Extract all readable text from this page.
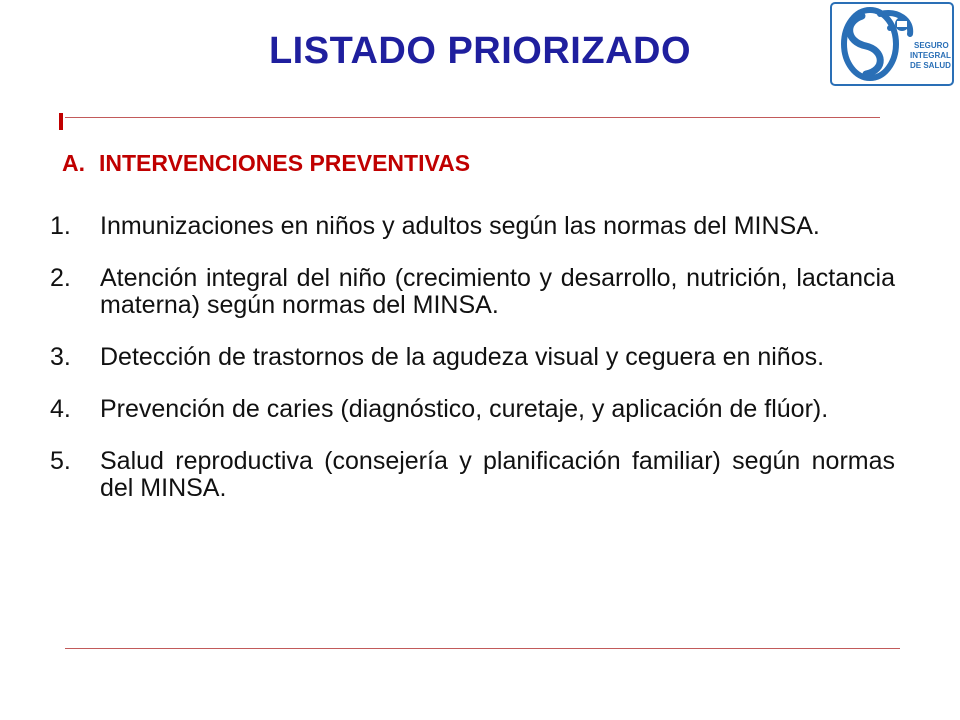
LISTADO PRIORIZADO	SEGURO
INTEGRAL
DE SALUD
A. INTERVENCIONES PREVENTIVAS
1.	Inmunizaciones en niños y adultos según las normas del MINSA.
2.	Atención integral del niño (crecimiento y desarrollo, nutrición, lactancia materna) según normas del MINSA.
3.	Detección de trastornos de la agudeza visual y ceguera en niños.
4.	Prevención de caries (diagnóstico, curetaje, y aplicación de flúor).
5.	Salud reproductiva (consejería y planificación familiar) según normas del MINSA.
